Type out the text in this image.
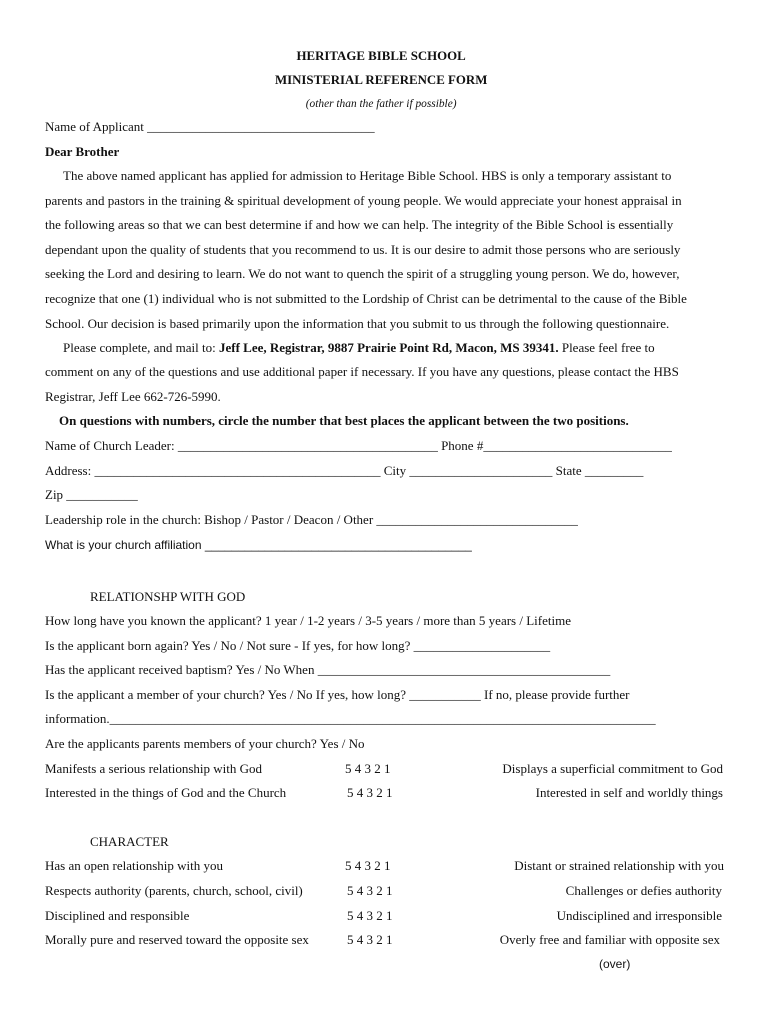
HERITAGE BIBLE SCHOOL
MINISTERIAL REFERENCE FORM
(other than the father if possible)
Name of Applicant ___________________________________
Dear Brother
The above named applicant has applied for admission to Heritage Bible School. HBS is only a temporary assistant to
parents and pastors in the training & spiritual development of young people. We would appreciate your honest appraisal in
the following areas so that we can best determine if and how we can help. The integrity of the Bible School is essentially
dependant upon the quality of students that you recommend to us. It is our desire to admit those persons who are seriously
seeking the Lord and desiring to learn. We do not want to quench the spirit of a struggling young person. We do, however,
recognize that one (1) individual who is not submitted to the Lordship of Christ can be detrimental to the cause of the Bible
School. Our decision is based primarily upon the information that you submit to us through the following questionnaire.
Please complete, and mail to: Jeff Lee, Registrar, 9887 Prairie Point Rd, Macon, MS 39341. Please feel free to
comment on any of the questions and use additional paper if necessary. If you have any questions, please contact the HBS
Registrar, Jeff Lee 662-726-5990.
On questions with numbers, circle the number that best places the applicant between the two positions.
Name of Church Leader: ________________________________________ Phone #_____________________________
Address: ____________________________________________ City ______________________ State _________
Zip ___________
Leadership role in the church: Bishop / Pastor / Deacon / Other _______________________________
What is your church affiliation ________________________________________
RELATIONSHP WITH GOD
How long have you known the applicant? 1 year / 1-2 years / 3-5 years / more than 5 years / Lifetime
Is the applicant born again? Yes / No / Not sure - If yes, for how long? _____________________
Has the applicant received baptism? Yes / No When _____________________________________________
Is the applicant a member of your church? Yes / No If yes, how long? ___________ If no, please provide further
information.____________________________________________________________________________________
Are the applicants parents members of your church? Yes / No
Manifests a serious relationship with God	5 4 3 2 1	Displays a superficial commitment to God
Interested in the things of God and the Church	5 4 3 2 1	Interested in self and worldly things
CHARACTER
Has an open relationship with you	5 4 3 2 1	Distant or strained relationship with you
Respects authority (parents, church, school, civil)	5 4 3 2 1	Challenges or defies authority
Disciplined and responsible	5 4 3 2 1	Undisciplined and irresponsible
Morally pure and reserved toward the opposite sex	5 4 3 2 1	Overly free and familiar with opposite sex
(over)
